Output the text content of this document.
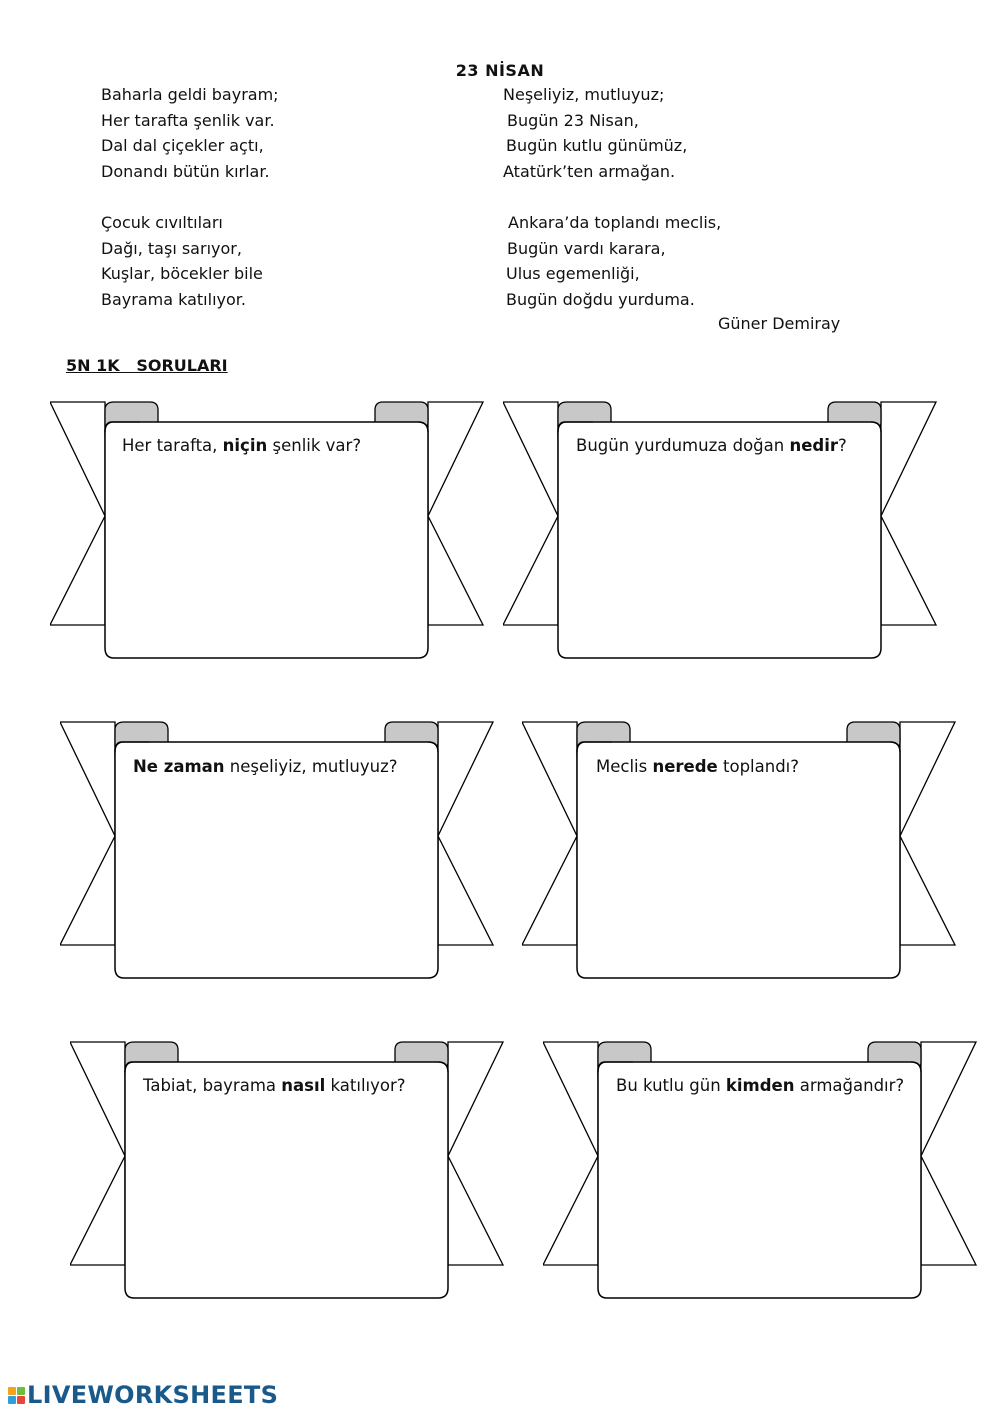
23 NİSAN
Baharla geldi bayram;
Her tarafta şenlik var.
Dal dal çiçekler açtı,
Donandı bütün kırlar.
Çocuk cıvıltıları
Dağı, taşı sarıyor,
Kuşlar, böcekler bile
Bayrama katılıyor.
Neşeliyiz, mutluyuz;
Bugün 23 Nisan,
Bugün kutlu günümüz,
Atatürk’ten armağan.
Ankara’da toplandı meclis,
Bugün vardı karara,
Ulus egemenliği,
Bugün doğdu yurduma.
Güner Demiray
5N 1K   SORULARI
Her tarafta, niçin şenlik var?	Bugün yurdumuza doğan nedir?
Ne zaman neşeliyiz, mutluyuz?	Meclis nerede toplandı?
Tabiat, bayrama nasıl katılıyor?	Bu kutlu gün kimden armağandır?
LIVEWORKSHEETS
